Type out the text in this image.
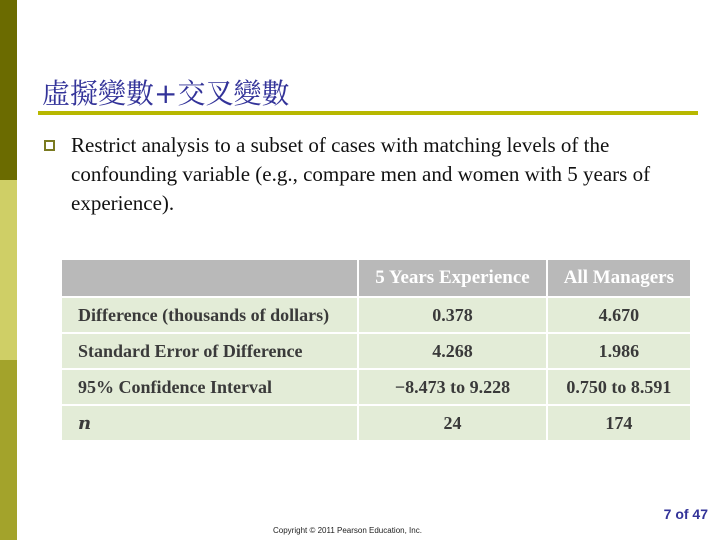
虛擬變數+交叉變數
Restrict analysis to a subset of cases with matching levels of the confounding variable (e.g., compare men and women with 5 years of experience).
	5 Years Experience	All Managers
Difference (thousands of dollars)	0.378	4.670
Standard Error of Difference	4.268	1.986
95% Confidence Interval	−8.473 to 9.228	0.750 to 8.591
n	24	174
7 of 47
Copyright © 2011 Pearson Education, Inc.
